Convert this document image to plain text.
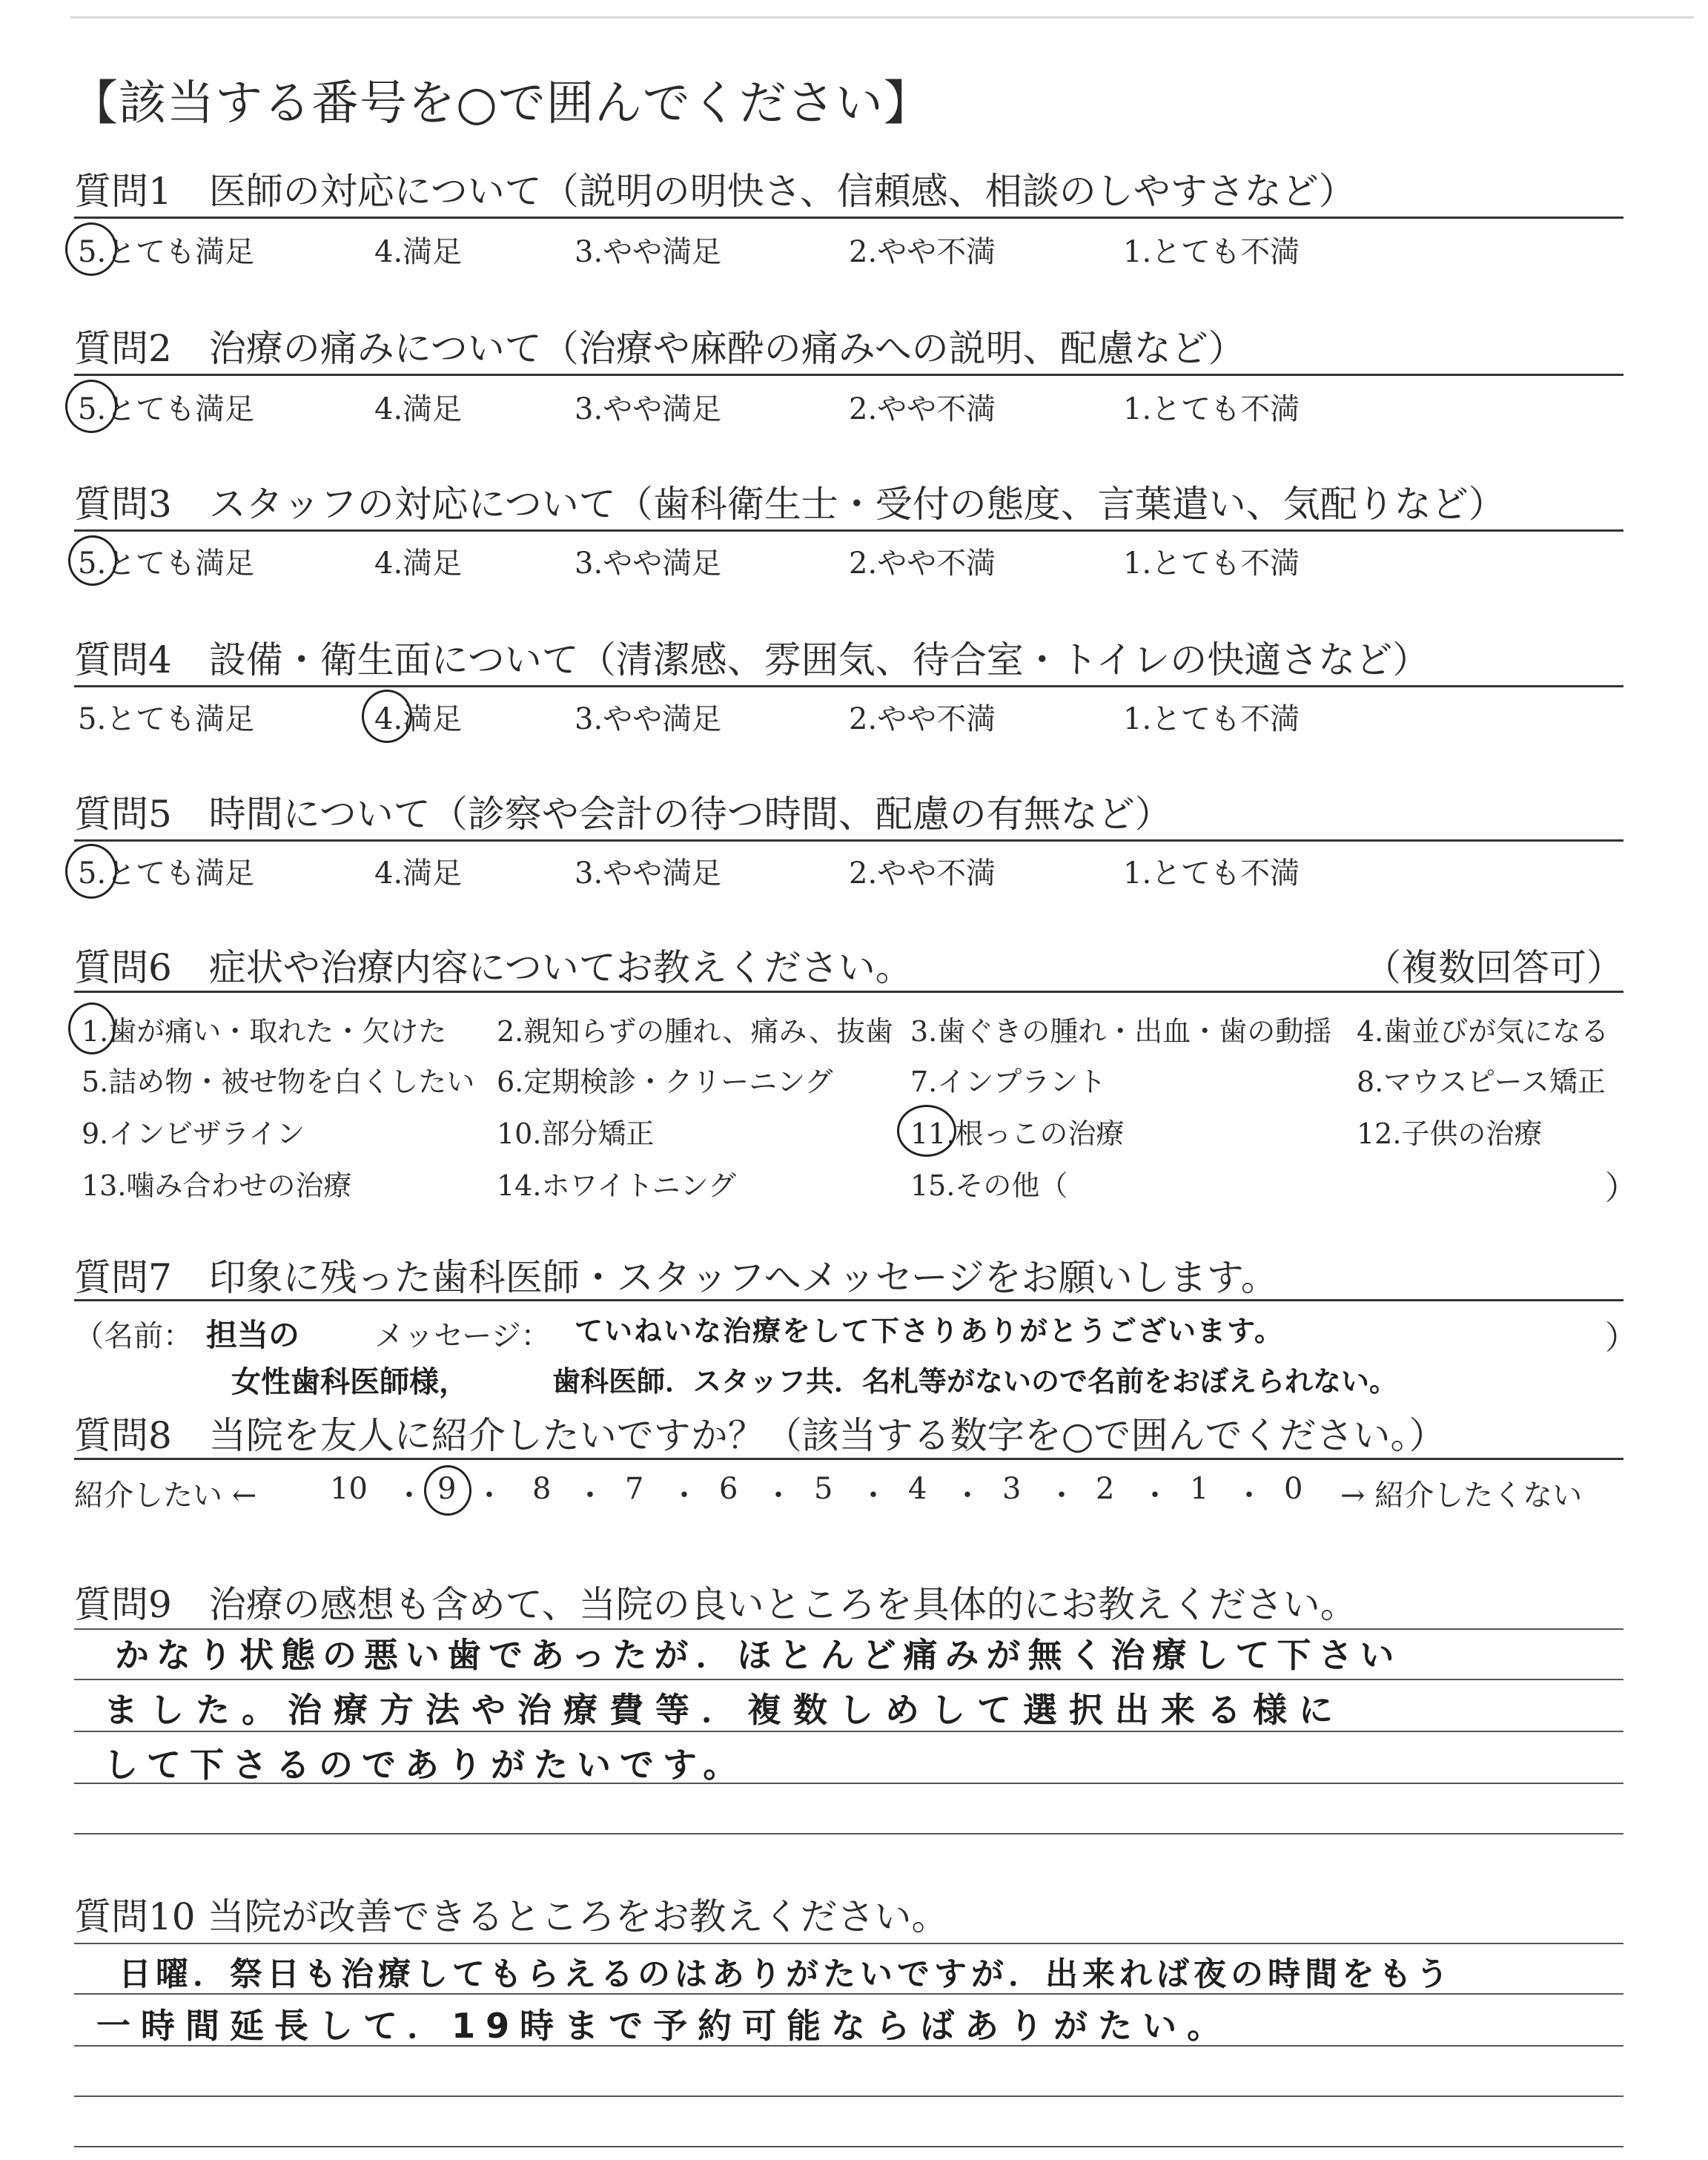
【該当する番号を○で囲んでください】
質問1　医師の対応について（説明の明快さ、信頼感、相談のしやすさなど）
5.とても満足	4.満足	3.やや満足	2.やや不満	1.とても不満
質問2　治療の痛みについて（治療や麻酔の痛みへの説明、配慮など）
5.とても満足	4.満足	3.やや満足	2.やや不満	1.とても不満
質問3　スタッフの対応について（歯科衛生士・受付の態度、言葉遣い、気配りなど）
5.とても満足	4.満足	3.やや満足	2.やや不満	1.とても不満
質問4　設備・衛生面について（清潔感、雰囲気、待合室・トイレの快適さなど）
5.とても満足	4.満足	3.やや満足	2.やや不満	1.とても不満
質問5　時間について（診察や会計の待つ時間、配慮の有無など）
5.とても満足	4.満足	3.やや満足	2.やや不満	1.とても不満
質問6　症状や治療内容についてお教えください。	（複数回答可）
1.歯が痛い・取れた・欠けた 2.親知らずの腫れ、痛み、抜歯 3.歯ぐきの腫れ・出血・歯の動揺 4.歯並びが気になる
5.詰め物・被せ物を白くしたい 6.定期検診・クリーニング	7.インプラント	8.マウスピース矯正
9.インビザライン	10.部分矯正	11.根っこの治療	12.子供の治療
13.噛み合わせの治療	14.ホワイトニング	15.その他（	）
質問7　印象に残った歯科医師・スタッフへメッセージをお願いします。
（名前：	メッセージ：	）
担当の	ていねいな治療をして下さりありがとうございます。
女性歯科医師様，	歯科医師．スタッフ共．名札等がないので名前をおぼえられない。
質問8　当院を友人に紹介したいですか？（該当する数字を○で囲んでください。）
紹介したい ← 10 ・ 9 ・ 8 ・ 7 ・ 6 ・ 5 ・ 4 ・ 3 ・ 2 ・ 1 ・ 0 → 紹介したくない
質問9　治療の感想も含めて、当院の良いところを具体的にお教えください。
かなり状態の悪い歯であったが．ほとんど痛みが無く治療して下さい
ました。治療方法や治療費等．複数しめして選択出来る様に
して下さるのでありがたいです。
質問10 当院が改善できるところをお教えください。
日曜．祭日も治療してもらえるのはありがたいですが．出来れば夜の時間をもう
一時間延長して．19時まで予約可能ならばありがたい。
